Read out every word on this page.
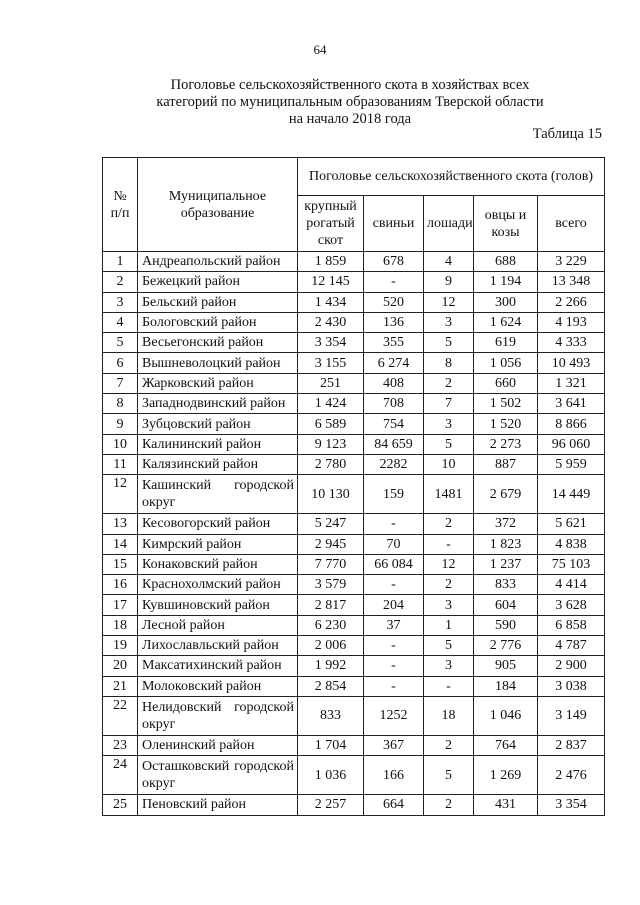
64
Поголовье сельскохозяйственного скота в хозяйствах всех
категорий по муниципальным образованиям Тверской области
на начало 2018 года
Таблица 15
№ п/п	Муниципальное образование	Поголовье сельскохозяйственного скота (голов)				
		крупный рогатый скот	свиньи	лошади	овцы и козы	всего
1	Андреапольский район	1 859	678	4	688	3 229
2	Бежецкий район	12 145	-	9	1 194	13 348
3	Бельский район	1 434	520	12	300	2 266
4	Бологовский район	2 430	136	3	1 624	4 193
5	Весьегонский район	3 354	355	5	619	4 333
6	Вышневолоцкий район	3 155	6 274	8	1 056	10 493
7	Жарковский район	251	408	2	660	1 321
8	Западнодвинский район	1 424	708	7	1 502	3 641
9	Зубцовский район	6 589	754	3	1 520	8 866
10	Калининский район	9 123	84 659	5	2 273	96 060
11	Калязинский район	2 780	2282	10	887	5 959
12	Кашинский городской округ	10 130	159	1481	2 679	14 449
13	Кесовогорский район	5 247	-	2	372	5 621
14	Кимрский район	2 945	70	-	1 823	4 838
15	Конаковский район	7 770	66 084	12	1 237	75 103
16	Краснохолмский район	3 579	-	2	833	4 414
17	Кувшиновский район	2 817	204	3	604	3 628
18	Лесной район	6 230	37	1	590	6 858
19	Лихославльский район	2 006	-	5	2 776	4 787
20	Максатихинский район	1 992	-	3	905	2 900
21	Молоковский район	2 854	-	-	184	3 038
22	Нелидовский городской округ	833	1252	18	1 046	3 149
23	Оленинский район	1 704	367	2	764	2 837
24	Осташковский городской округ	1 036	166	5	1 269	2 476
25	Пеновский район	2 257	664	2	431	3 354
